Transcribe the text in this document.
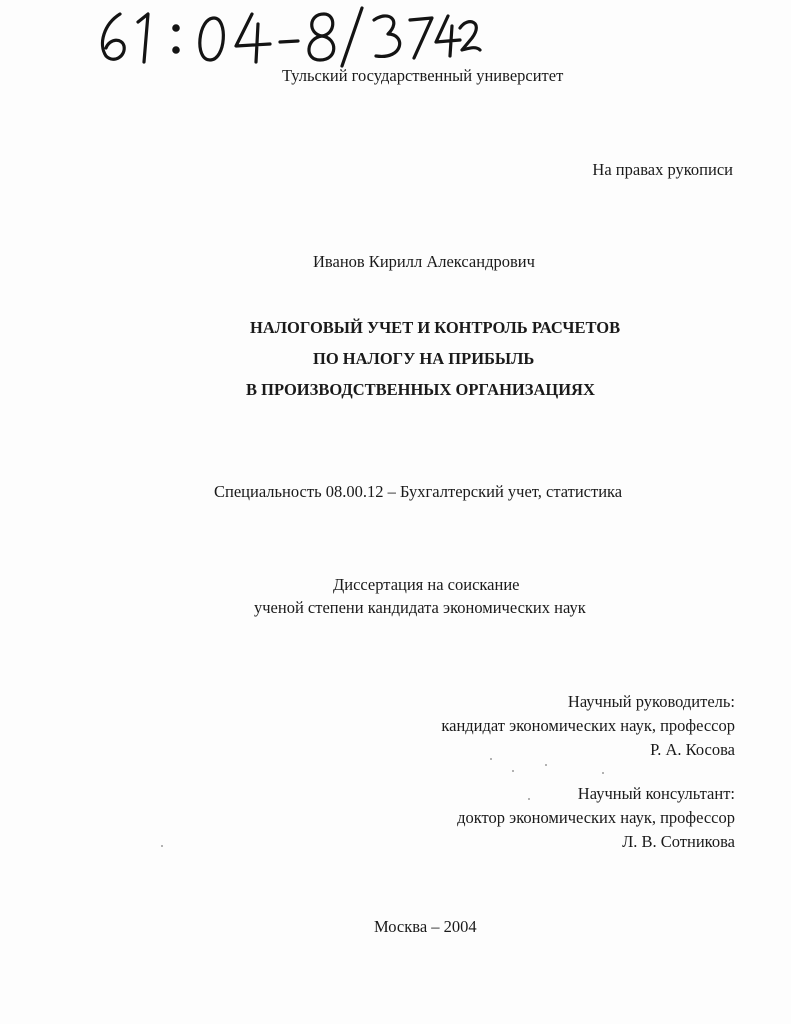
Тульский государственный университет
На правах рукописи
Иванов Кирилл Александрович
НАЛОГОВЫЙ УЧЕТ И КОНТРОЛЬ РАСЧЕТОВ
ПО НАЛОГУ НА ПРИБЫЛЬ
В ПРОИЗВОДСТВЕННЫХ ОРГАНИЗАЦИЯХ
Специальность 08.00.12 – Бухгалтерский учет, статистика
Диссертация на соискание
ученой степени кандидата экономических наук
Научный руководитель:
кандидат экономических наук, профессор
Р. А. Косова
Научный консультант:
доктор экономических наук, профессор
Л. В. Сотникова
Москва – 2004
